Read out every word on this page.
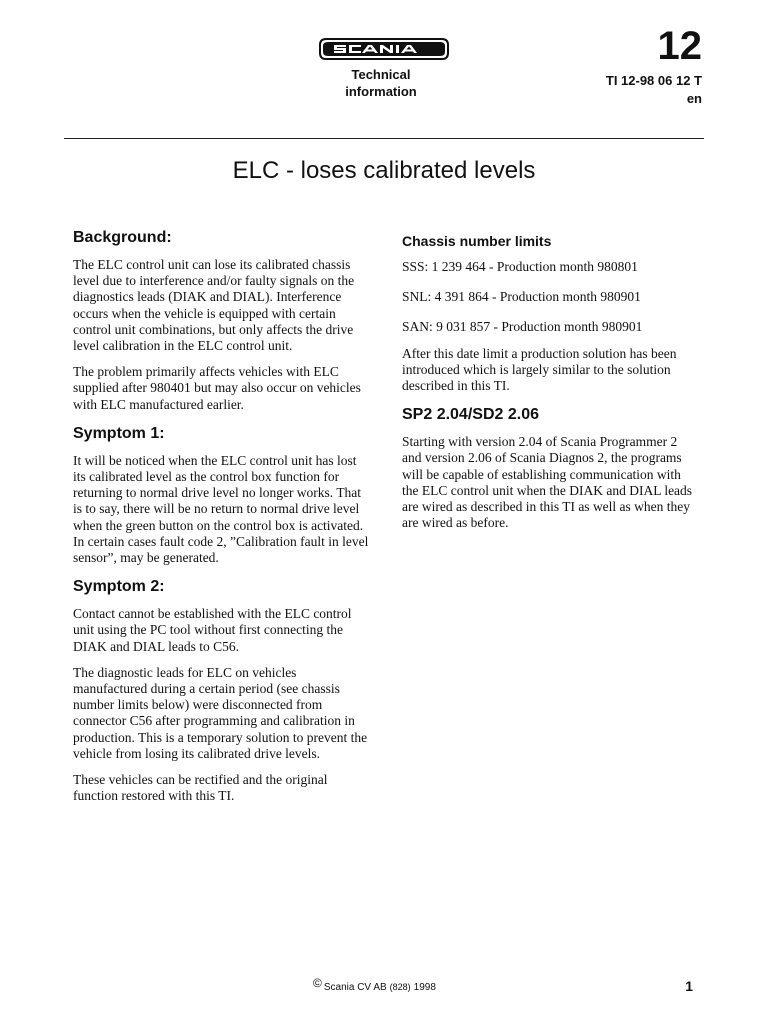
Technical
information
12
TI 12-98 06 12 T
en
ELC - loses calibrated levels
Background:

The ELC control unit can lose its calibrated chassis level due to interference and/or faulty signals on the diagnostics leads (DIAK and DIAL). Interference occurs when the vehicle is equipped with certain control unit combinations, but only affects the drive level calibration in the ELC control unit.

The problem primarily affects vehicles with ELC supplied after 980401 but may also occur on vehicles with ELC manufactured earlier.

Symptom 1:

It will be noticed when the ELC control unit has lost its calibrated level as the control box function for returning to normal drive level no longer works. That is to say, there will be no return to normal drive level when the green button on the control box is activated. In certain cases fault code 2, ”Calibration fault in level sensor”, may be generated.

Symptom 2:

Contact cannot be established with the ELC control unit using the PC tool without first connecting the DIAK and DIAL leads to C56.

The diagnostic leads for ELC on vehicles manufactured during a certain period (see chassis number limits below) were disconnected from connector C56 after programming and calibration in production. This is a temporary solution to prevent the vehicle from losing its calibrated drive levels.

These vehicles can be rectified and the original function restored with this TI.

Chassis number limits

SSS: 1 239 464 - Production month 980801

SNL: 4 391 864 - Production month 980901

SAN: 9 031 857 - Production month 980901

After this date limit a production solution has been introduced which is largely similar to the solution described in this TI.

SP2 2.04/SD2 2.06

Starting with version 2.04 of Scania Programmer 2 and version 2.06 of Scania Diagnos 2, the programs will be capable of establishing communication with the ELC control unit when the DIAK and DIAL leads are wired as described in this TI as well as when they are wired as before.

© Scania CV AB (828) 1998	1
